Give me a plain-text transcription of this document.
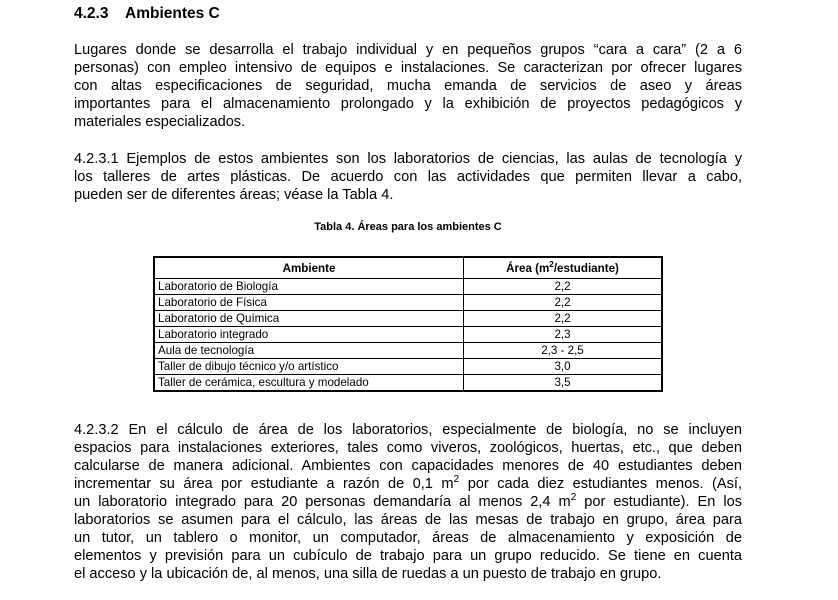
4.2.3 Ambientes C

Lugares donde se desarrolla el trabajo individual y en pequeños grupos “cara a cara” (2 a 6
personas) con empleo intensivo de equipos e instalaciones. Se caracterizan por ofrecer lugares
con altas especificaciones de seguridad, mucha emanda de servicios de aseo y áreas
importantes para el almacenamiento prolongado y la exhibición de proyectos pedagógicos y
materiales especializados.

4.2.3.1 Ejemplos de estos ambientes son los laboratorios de ciencias, las aulas de tecnología y
los talleres de artes plásticas. De acuerdo con las actividades que permiten llevar a cabo,
pueden ser de diferentes áreas; véase la Tabla 4.

Tabla 4. Áreas para los ambientes C

Ambiente	Área $(m^2/estudiante)$
Laboratorio de Biología	2,2
Laboratorio de Física	2,2
Laboratorio de Química	2,2
Laboratorio integrado	2,3
Aula de tecnología	2,3 - 2,5
Taller de dibujo técnico y/o artístico	3,0
Taller de cerámica, escultura y modelado	3,5

4.2.3.2 En el cálculo de área de los laboratorios, especialmente de biología, no se incluyen
espacios para instalaciones exteriores, tales como viveros, zoológicos, huertas, etc., que deben
calcularse de manera adicional. Ambientes con capacidades menores de 40 estudiantes deben
incrementar su área por estudiante a razón de 0,1 $m^2$ por cada diez estudiantes menos. (Así,
un laboratorio integrado para 20 personas demandaría al menos 2,4 $m^2$ por estudiante). En los
laboratorios se asumen para el cálculo, las áreas de las mesas de trabajo en grupo, área para
un tutor, un tablero o monitor, un computador, áreas de almacenamiento y exposición de
elementos y previsión para un cubículo de trabajo para un grupo reducido. Se tiene en cuenta
el acceso y la ubicación de, al menos, una silla de ruedas a un puesto de trabajo en grupo.
